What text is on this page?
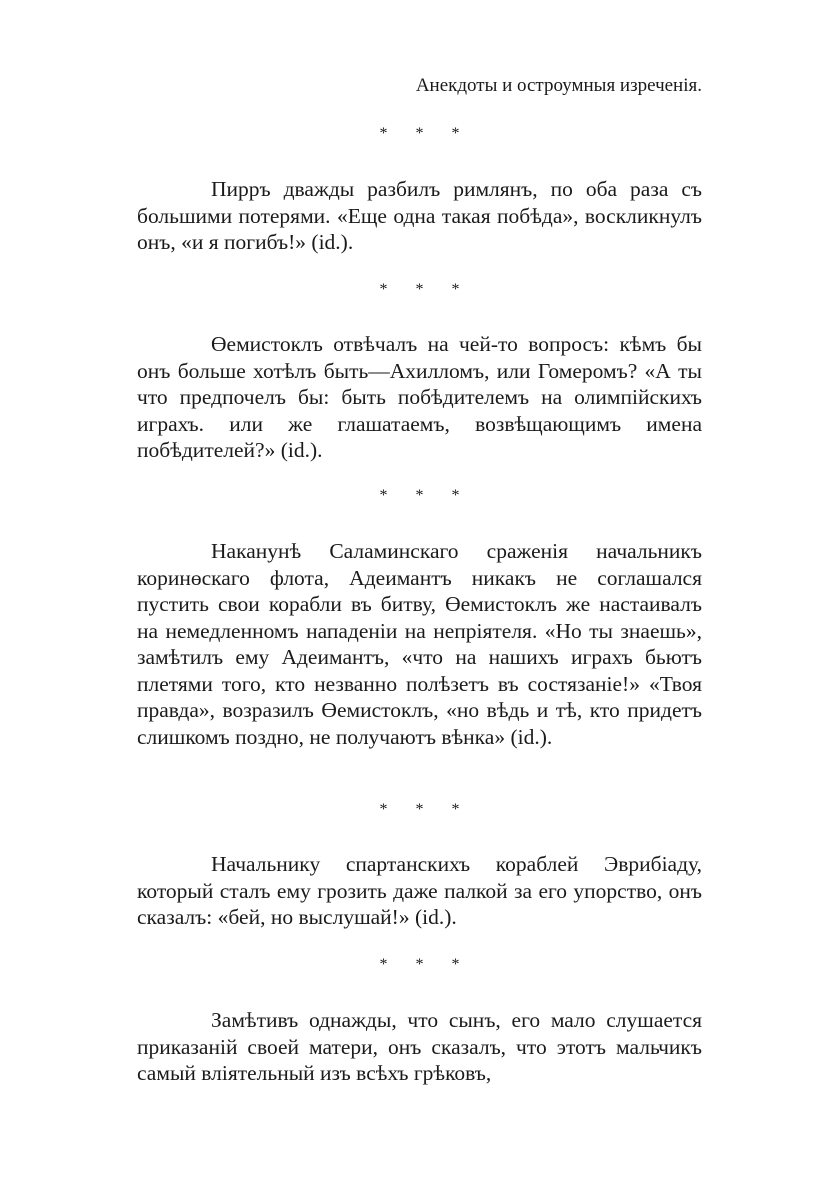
Анекдоты и остроумныя изреченія.
* * *

Пирръ дважды разбилъ римлянъ, по оба раза съ большими потерями. «Еще одна такая побѣда», воскликнулъ онъ, «и я погибъ!» (id.).

* * *

Өемистоклъ отвѣчалъ на чей-то вопросъ: кѣмъ бы онъ больше хотѣлъ быть—Ахилломъ, или Гомеромъ? «А ты что предпочелъ бы: быть побѣдителемъ на олимпійскихъ играхъ. или же глашатаемъ, возвѣщающимъ имена побѣдителей?» (id.).

* * *

Наканунѣ Саламинскаго сраженія начальникъ коринөскаго флота, Адеимантъ никакъ не соглашался пустить свои корабли въ битву, Өемистоклъ же настаивалъ на немедленномъ нападеніи на непріятеля. «Но ты знаешь», замѣтилъ ему Адеимантъ, «что на нашихъ играхъ бьютъ плетями того, кто незванно полѣзетъ въ состязаніе!» «Твоя правда», возразилъ Өемистоклъ, «но вѣдь и тѣ, кто придетъ слишкомъ поздно, не получаютъ вѣнка» (id.).

* * *

Начальнику спартанскихъ кораблей Эврибіаду, который сталъ ему грозить даже палкой за его упорство, онъ сказалъ: «бей, но выслушай!» (id.).

* * *

Замѣтивъ однажды, что сынъ, его мало слушается приказаній своей матери, онъ сказалъ, что этотъ мальчикъ самый вліятельный изъ всѣхъ грѣковъ,
